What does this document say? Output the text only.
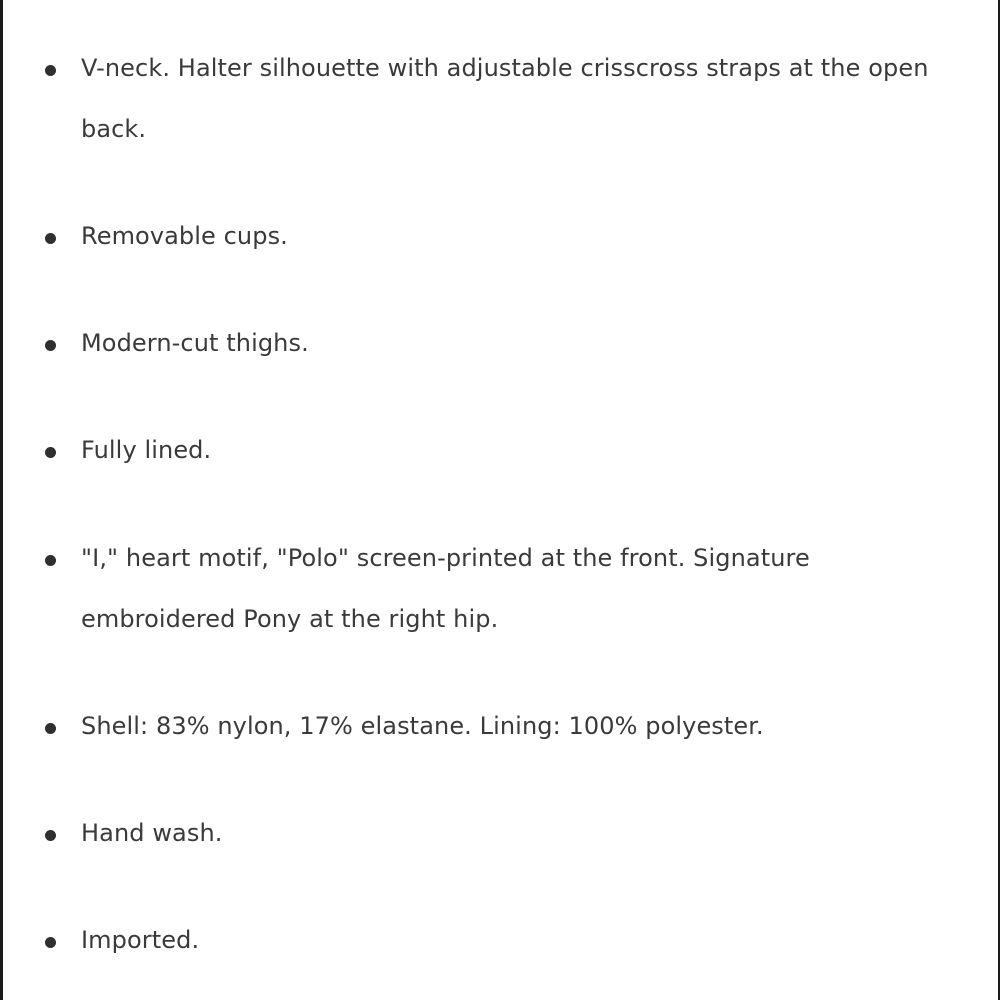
V-neck. Halter silhouette with adjustable crisscross straps at the open back.
Removable cups.
Modern-cut thighs.
Fully lined.
"I," heart motif, "Polo" screen-printed at the front. Signature embroidered Pony at the right hip.
Shell: 83% nylon, 17% elastane. Lining: 100% polyester.
Hand wash.
Imported.
